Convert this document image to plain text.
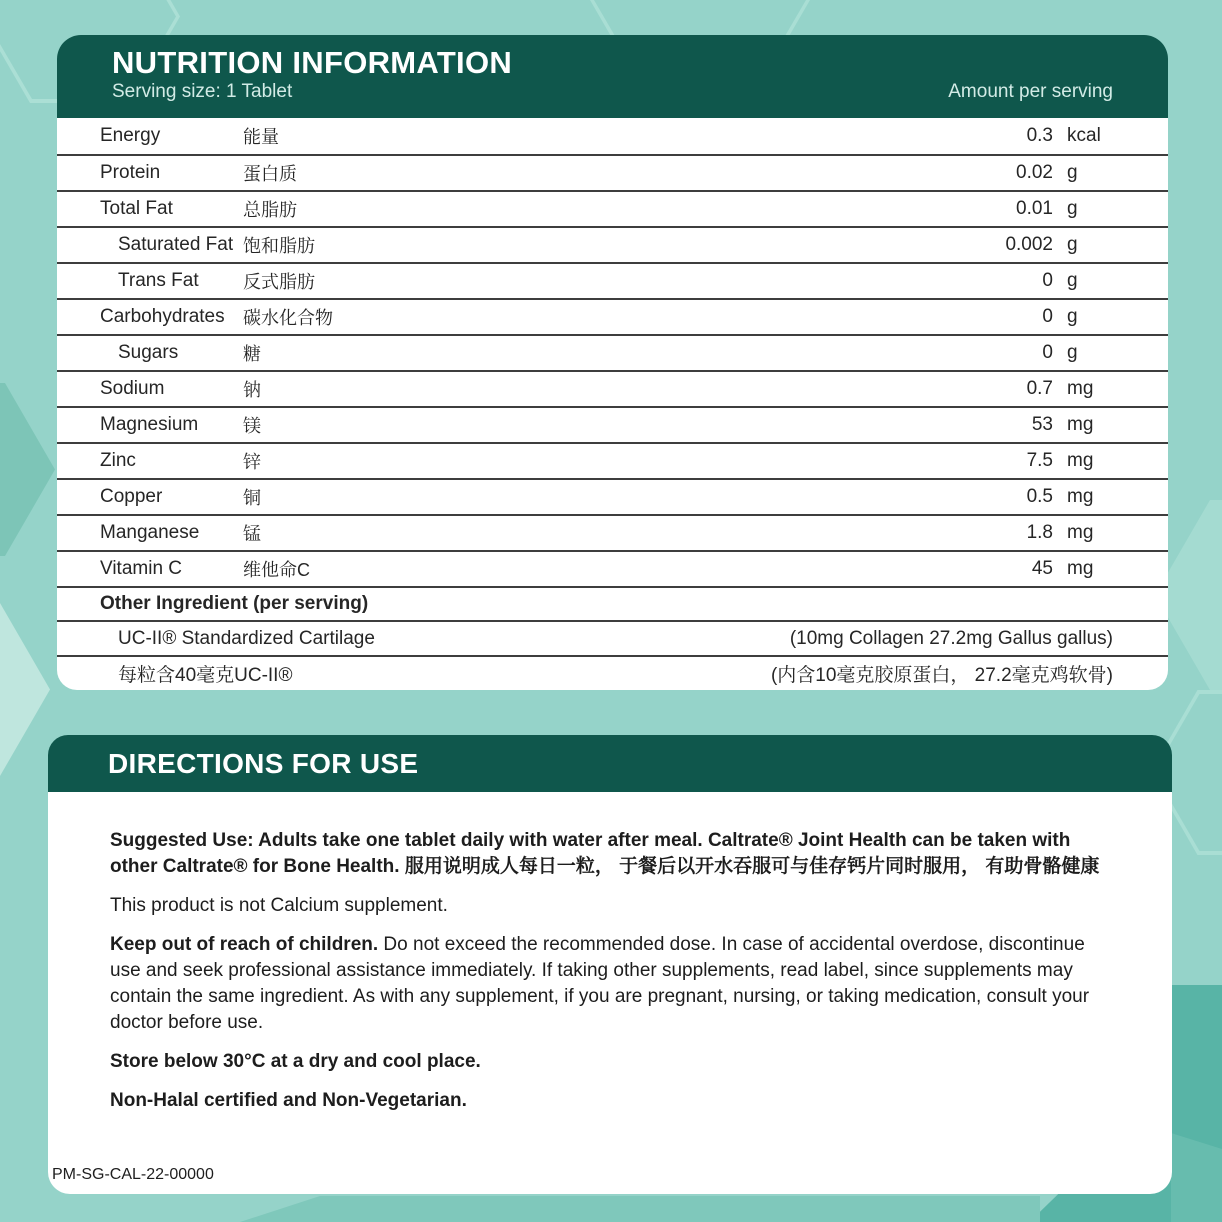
NUTRITION INFORMATION
Serving size: 1 Tablet	Amount per serving
Energy	能量	0.3 kcal
Protein	蛋白质	0.02 g
Total Fat	总脂肪	0.01 g
Saturated Fat 饱和脂肪	0.002 g
Trans Fat	反式脂肪	0 g
Carbohydrates	碳水化合物	0 g
Sugars	糖	0 g
Sodium	钠	0.7 mg
Magnesium	镁	53 mg
Zinc	锌	7.5 mg
Copper	铜	0.5 mg
Manganese	锰	1.8 mg
Vitamin C	维他命C	45 mg
Other Ingredient (per serving)
UC-II® Standardized Cartilage	(10mg Collagen 27.2mg Gallus gallus)
每粒含40毫克UC-II®	(内含10毫克胶原蛋白， 27.2毫克鸡软骨)
DIRECTIONS FOR USE

Suggested Use: Adults take one tablet daily with water after meal. Caltrate® Joint Health can be taken with other Caltrate® for Bone Health. 服用说明成人每日一粒， 于餐后以开水吞服可与佳存钙片同时服用， 有助骨骼健康

This product is not Calcium supplement.

Keep out of reach of children. Do not exceed the recommended dose. In case of accidental overdose, discontinue use and seek professional assistance immediately. If taking other supplements, read label, since supplements may contain the same ingredient. As with any supplement, if you are pregnant, nursing, or taking medication, consult your doctor before use.

Store below 30°C at a dry and cool place.

Non-Halal certified and Non-Vegetarian.

PM-SG-CAL-22-00000
